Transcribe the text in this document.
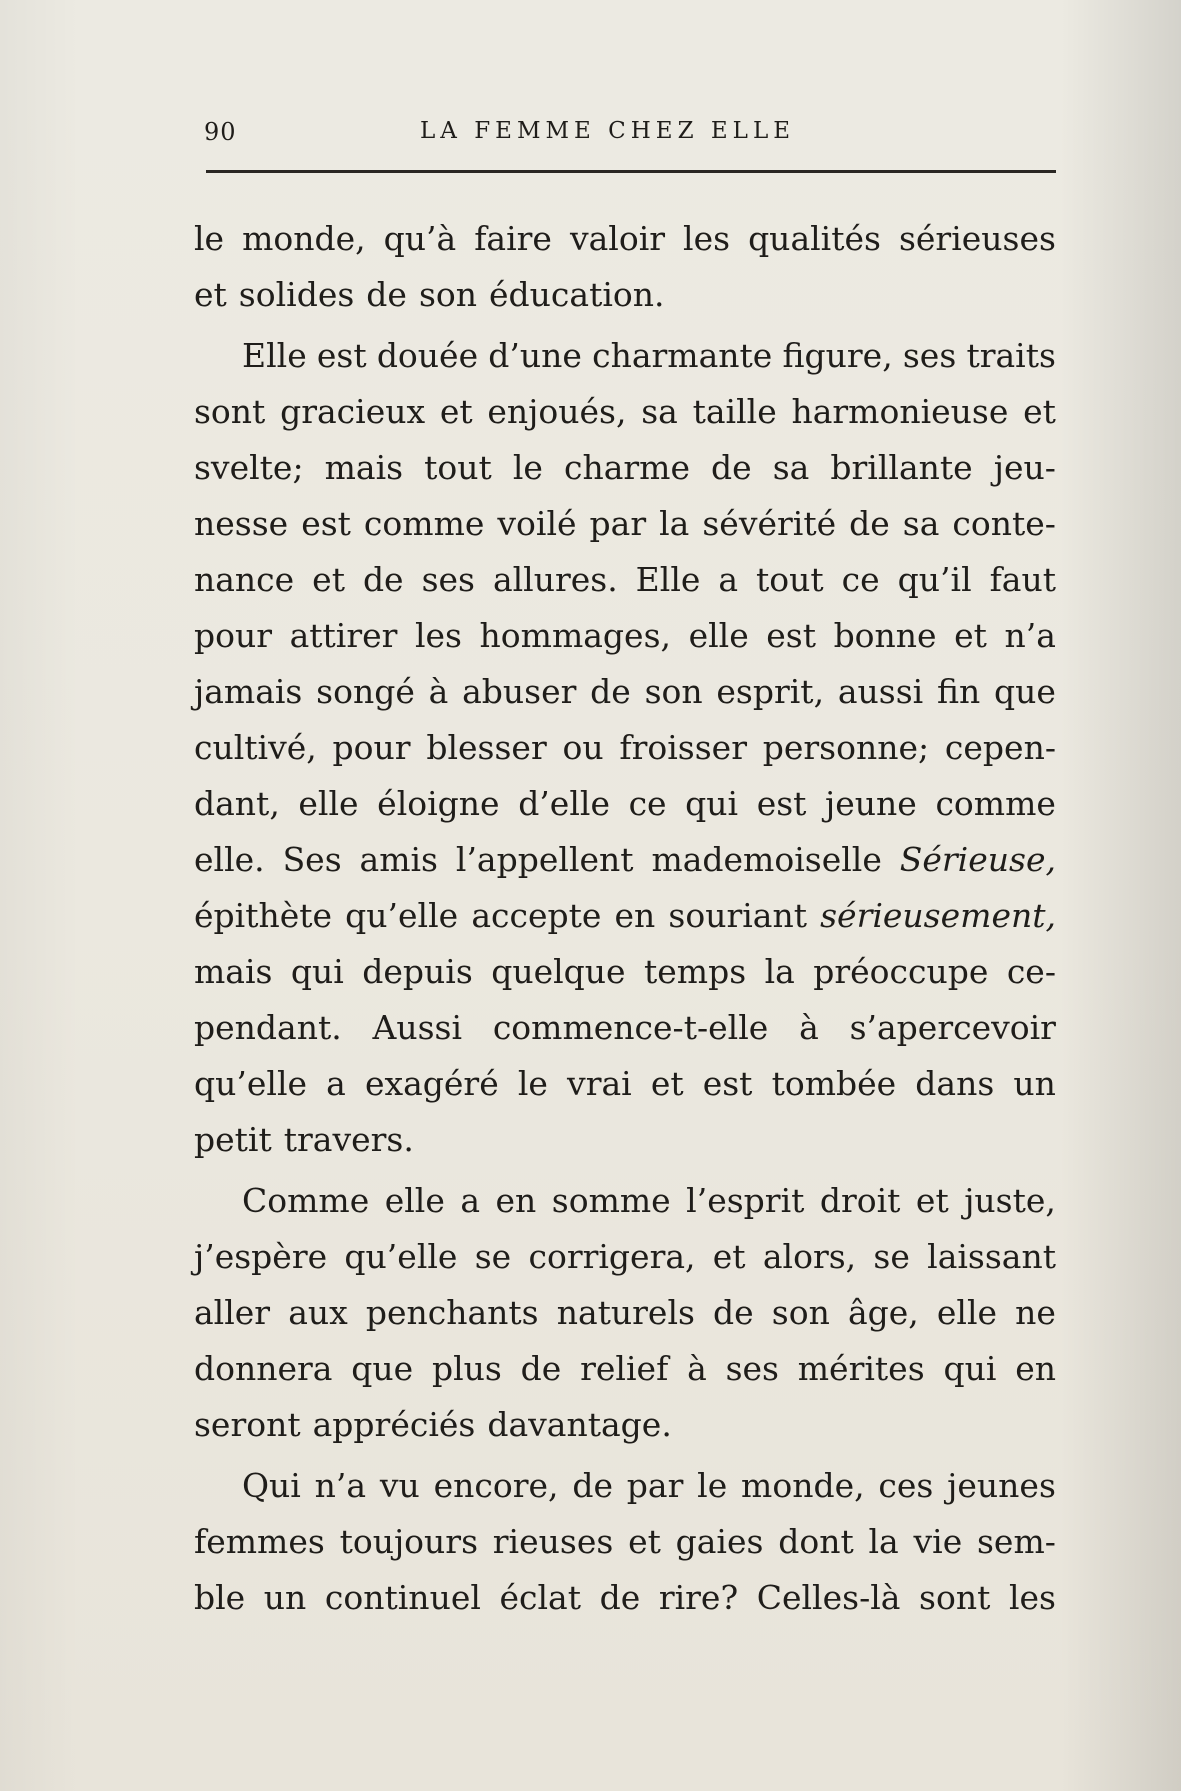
90	LA FEMME CHEZ ELLE
le monde, qu’à faire valoir les qualités sérieuses
et solides de son éducation.
Elle est douée d’une charmante figure, ses traits
sont gracieux et enjoués, sa taille harmonieuse et
svelte; mais tout le charme de sa brillante jeu-
nesse est comme voilé par la sévérité de sa conte-
nance et de ses allures. Elle a tout ce qu’il faut
pour attirer les hommages, elle est bonne et n’a
jamais songé à abuser de son esprit, aussi fin que
cultivé, pour blesser ou froisser personne; cepen-
dant, elle éloigne d’elle ce qui est jeune comme
elle. Ses amis l’appellent mademoiselle Sérieuse,
épithète qu’elle accepte en souriant sérieusement,
mais qui depuis quelque temps la préoccupe ce-
pendant. Aussi commence-t-elle à s’apercevoir
qu’elle a exagéré le vrai et est tombée dans un
petit travers.
Comme elle a en somme l’esprit droit et juste,
j’espère qu’elle se corrigera, et alors, se laissant
aller aux penchants naturels de son âge, elle ne
donnera que plus de relief à ses mérites qui en
seront appréciés davantage.
Qui n’a vu encore, de par le monde, ces jeunes
femmes toujours rieuses et gaies dont la vie sem-
ble un continuel éclat de rire? Celles-là sont les
